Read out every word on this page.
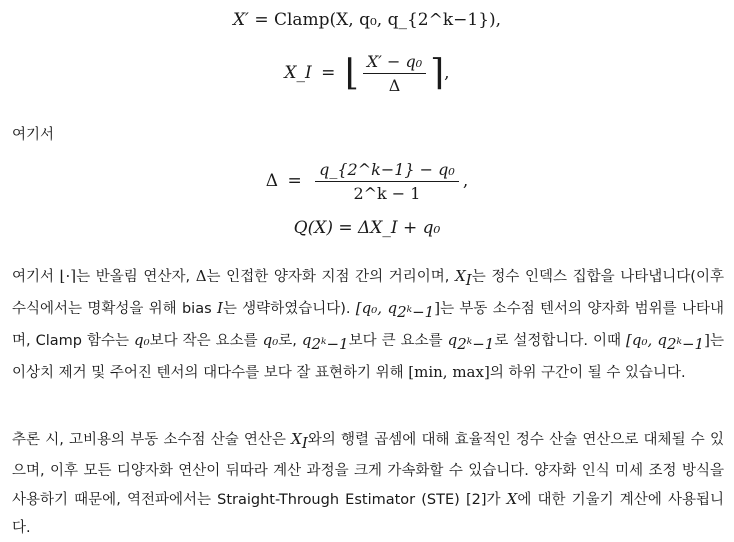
X′ = Clamp(X, q₀, q_{2^k−1}),
X_I = ⌊ $\frac{\text{X′ − q₀}}{\Delta}$ ⌉,
여기서
$\Delta = \frac{\text{q\_\{2\textasciicircum{}k−1\} − q₀}}{2\^{}k - 1}$ ,
Q(X) = ΔX_I + q₀
여기서 ⌊·⌉는 반올림 연산자, Δ는 인접한 양자화 지점 간의 거리이며, $X_I$는 정수 인덱스 집합을 나타냅니다(이후 수식에서는 명확성을 위해 bias I는 생략하였습니다). [q₀, $q_{2ᵏ-1}$]는 부동 소수점 텐서의 양자화 범위를 나타내며, Clamp 함수는 q₀보다 작은 요소를 q₀로, $q_{2ᵏ-1}$보다 큰 요소를 $q_{2ᵏ-1}$로 설정합니다. 이때 [q₀, $q_{2ᵏ-1}$]는 이상치 제거 및 주어진 텐서의 대다수를 보다 잘 표현하기 위해 [min, max]의 하위 구간이 될 수 있습니다.
추론 시, 고비용의 부동 소수점 산술 연산은 $X_I$와의 행렬 곱셈에 대해 효율적인 정수 산술 연산으로 대체될 수 있으며, 이후 모든 디양자화 연산이 뒤따라 계산 과정을 크게 가속화할 수 있습니다. 양자화 인식 미세 조정 방식을 사용하기 때문에, 역전파에서는 Straight-Through Estimator (STE) [2]가 X에 대한 기울기 계산에 사용됩니다.
